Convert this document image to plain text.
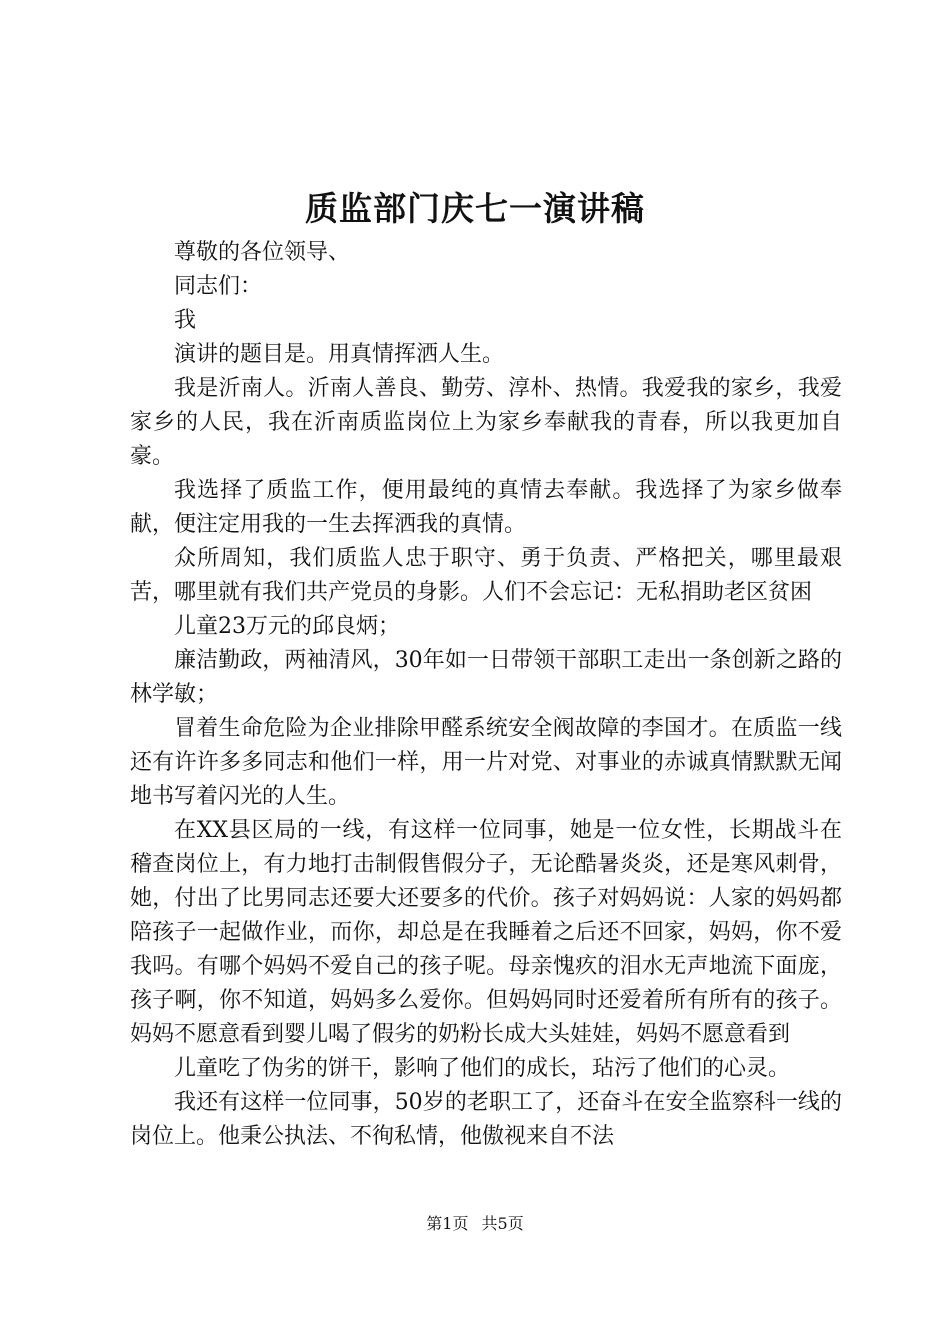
质监部门庆七一演讲稿

尊敬的各位领导、

同志们：

我

演讲的题目是。用真情挥洒人生。

我是沂南人。沂南人善良、勤劳、淳朴、热情。我爱我的家乡，我爱家乡的人民，我在沂南质监岗位上为家乡奉献我的青春，所以我更加自豪。

我选择了质监工作，便用最纯的真情去奉献。我选择了为家乡做奉献，便注定用我的一生去挥洒我的真情。

众所周知，我们质监人忠于职守、勇于负责、严格把关，哪里最艰苦，哪里就有我们共产党员的身影。人们不会忘记：无私捐助老区贫困

儿童23万元的邱良炳；

廉洁勤政，两袖清风，30年如一日带领干部职工走出一条创新之路的林学敏；

冒着生命危险为企业排除甲醛系统安全阀故障的李国才。在质监一线还有许许多多同志和他们一样，用一片对党、对事业的赤诚真情默默无闻地书写着闪光的人生。

在XX县区局的一线，有这样一位同事，她是一位女性，长期战斗在稽查岗位上，有力地打击制假售假分子，无论酷暑炎炎，还是寒风刺骨，她，付出了比男同志还要大还要多的代价。孩子对妈妈说：人家的妈妈都陪孩子一起做作业，而你，却总是在我睡着之后还不回家，妈妈，你不爱我吗。有哪个妈妈不爱自己的孩子呢。母亲愧疚的泪水无声地流下面庞，孩子啊，你不知道，妈妈多么爱你。但妈妈同时还爱着所有所有的孩子。妈妈不愿意看到婴儿喝了假劣的奶粉长成大头娃娃，妈妈不愿意看到

儿童吃了伪劣的饼干，影响了他们的成长，玷污了他们的心灵。

我还有这样一位同事，50岁的老职工了，还奋斗在安全监察科一线的岗位上。他秉公执法、不徇私情，他傲视来自不法

第1页 共5页
